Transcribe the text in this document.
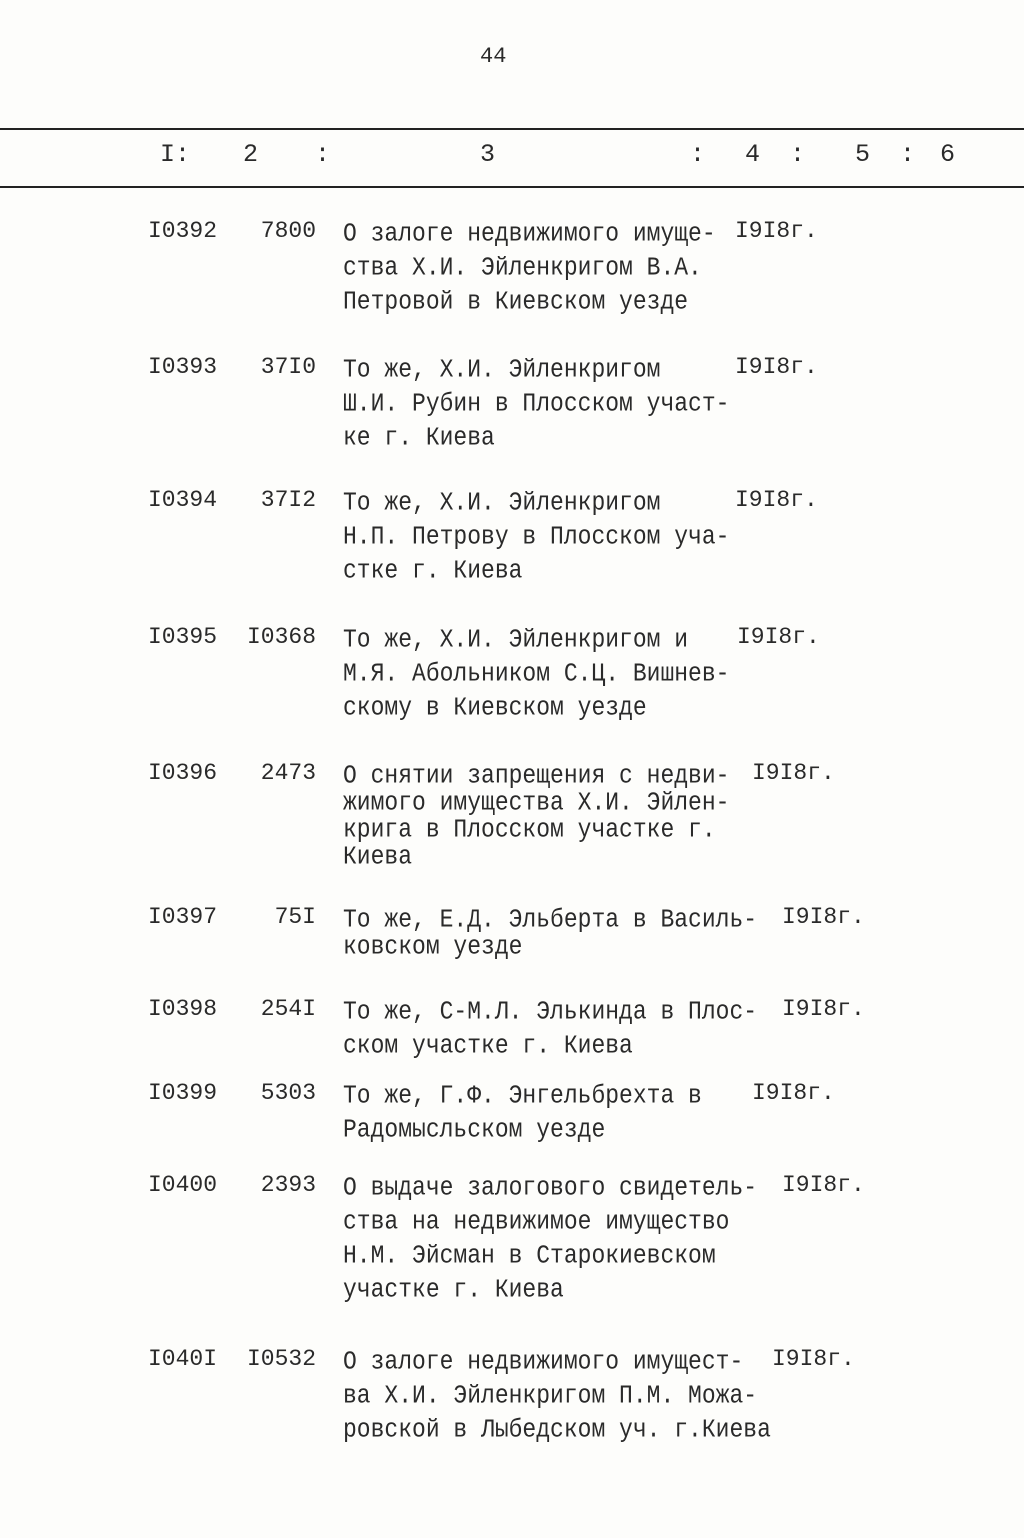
44
I: 2 :	3	: 4 : 5 : 6
I0392 7800 О залоге недвижимого имуще-
ства Х.И. Эйленкригом В.А.
Петровой в Киевском уезде
I9I8г.
I0393 37I0 То же, Х.И. Эйленкригом
Ш.И. Рубин в Плосском участ-
ке г. Киева
I9I8г.
I0394 37I2 То же, Х.И. Эйленкригом
Н.П. Петрову в Плосском уча-
стке г. Киева
I9I8г.
I0395 I0368 То же, Х.И. Эйленкригом и
М.Я. Абольником С.Ц. Вишнев-
скому в Киевском уезде
I9I8г.
I0396 2473 О снятии запрещения с недви-
жимого имущества Х.И. Эйлен-
крига в Плосском участке г.
Киева
I9I8г.
I0397	75I То же, Е.Д. Эльберта в Василь-
ковском уезде
I9I8г.
I0398 254I То же, С-М.Л. Элькинда в Плос-
ском участке г. Киева
I9I8г.
I0399 5303 То же, Г.Ф. Энгельбрехта в
Радомысльском уезде
I9I8г.
I0400 2393 О выдаче залогового свидетель-
ства на недвижимое имущество
Н.М. Эйсман в Старокиевском
участке г. Киева
I9I8г.
I040I I0532 О залоге недвижимого имущест-
ва Х.И. Эйленкригом П.М. Можа-
ровской в Лыбедском уч. г.Киева
I9I8г.
